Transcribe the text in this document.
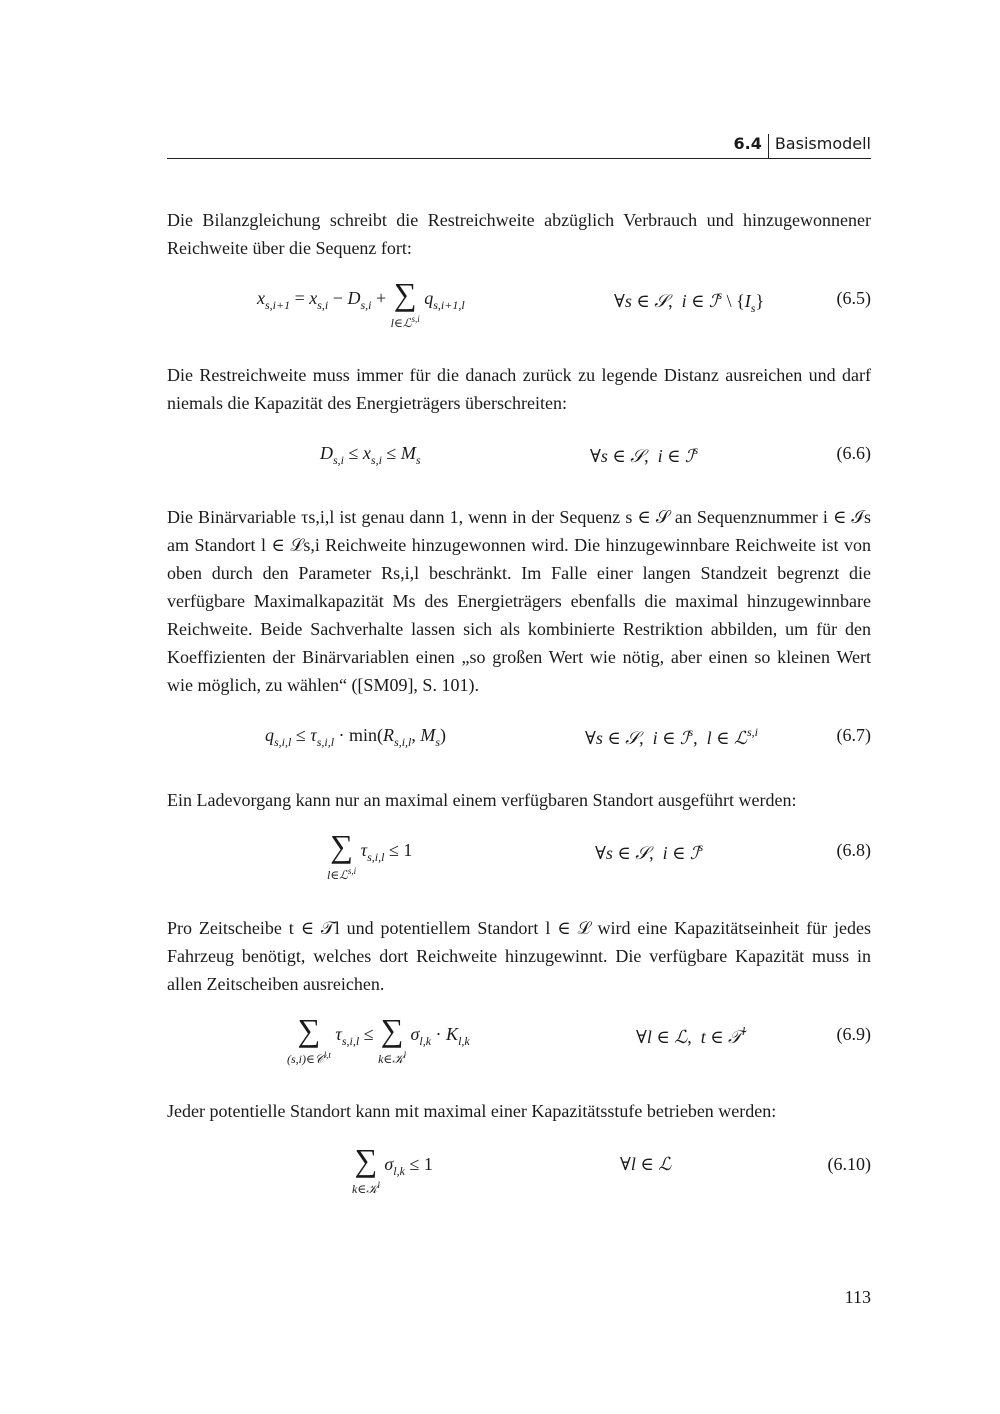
6.4 Basismodell

Die Bilanzgleichung schreibt die Restreichweite abzüglich Verbrauch und hinzugewonnener Reichweite über die Sequenz fort:

$x_{s,i+1} = x_{s,i} - D_{s,i}$ + ∑
l∈ℒ$^{s,i}$
$q_{s,i+1,l}$	∀s ∈ 𝒮,  i ∈ ℐ$^s$ \ $\{I_s\}$	(6.5)

Die Restreichweite muss immer für die danach zurück zu legende Distanz ausreichen und darf niemals die Kapazität des Energieträgers überschreiten:

$D_{s,i} \le x_{s,i} \le M_s$	∀s ∈ 𝒮,  i ∈ ℐ$^s$	(6.6)

Die Binärvariable τs,i,l ist genau dann 1, wenn in der Sequenz s ∈ 𝒮 an Sequenznummer i ∈ ℐs am Standort l ∈ ℒs,i Reichweite hinzugewonnen wird. Die hinzugewinnbare Reichweite ist von oben durch den Parameter Rs,i,l beschränkt. Im Falle einer langen Standzeit begrenzt die verfügbare Maximalkapazität Ms des Energieträgers ebenfalls die maximal hinzugewinnbare Reichweite. Beide Sachverhalte lassen sich als kombinierte Restriktion abbilden, um für den Koeffizienten der Binärvariablen einen „so großen Wert wie nötig, aber einen so kleinen Wert wie möglich, zu wählen“ ([SM09], S. 101).

$q_{s,i,l} \le \tau_{s,i,l} \cdot \min(R_{s,i,l}$, $M_s$)	∀s ∈ 𝒮,  i ∈ ℐ$^s$,  l ∈ ℒ$^{s,i}$	(6.7)

Ein Ladevorgang kann nur an maximal einem verfügbaren Standort ausgeführt werden:

∑
l∈ℒ$^{s,i}$
$\tau_{s,i,l} \le 1$	∀s ∈ 𝒮,  i ∈ ℐ$^s$	(6.8)

Pro Zeitscheibe t ∈ 𝒯l und potentiellem Standort l ∈ ℒ wird eine Kapazitätseinheit für jedes Fahrzeug benötigt, welches dort Reichweite hinzugewinnt. Die verfügbare Kapazität muss in allen Zeitscheiben ausreichen.

∑
(s,i)∈𝒞$^{l,t}$
$\tau_{s,i,l}$ ≤ ∑
k∈𝒦$^l$
$\sigma_{l,k} \cdot K_{l,k}$	∀l ∈ ℒ,  t ∈ 𝒯$^l$	(6.9)

Jeder potentielle Standort kann mit maximal einer Kapazitätsstufe betrieben werden:

∑
k∈𝒦$^l$
$\sigma_{l,k} \le 1$	∀l ∈ ℒ	(6.10)
113
